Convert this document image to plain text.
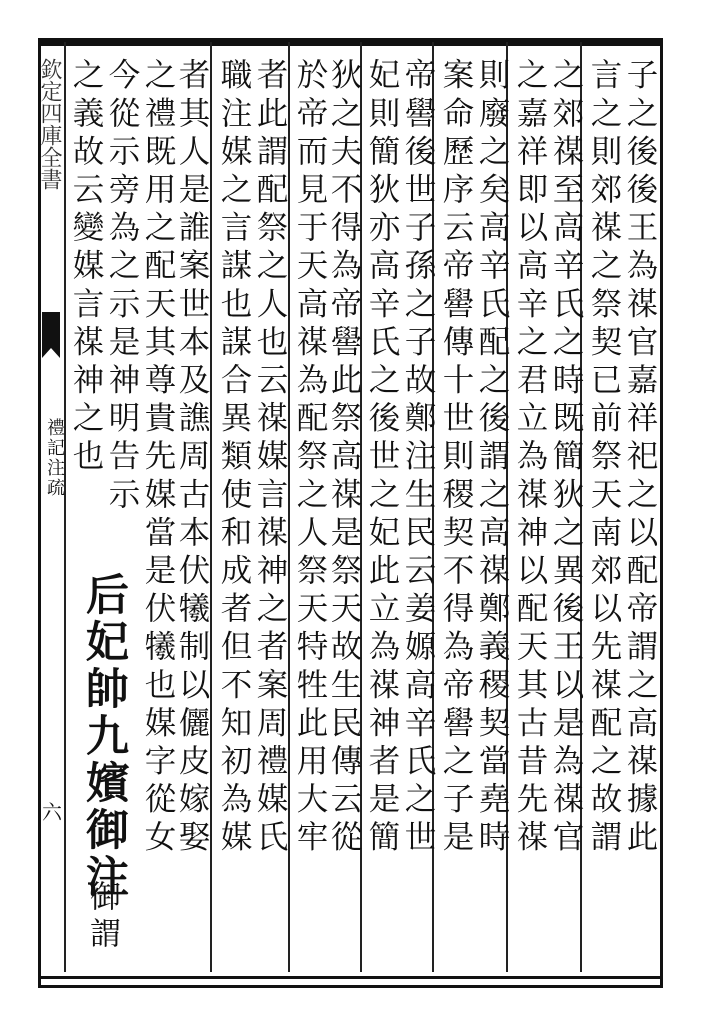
欽定四庫全書
禮記注疏
六	子之後後王為禖官嘉祥祀之以配帝謂之高禖據此
言之則郊禖之祭契已前祭天南郊以先禖配之故謂
之郊禖至高辛氏之時既簡狄之異後王以是為禖官
之嘉祥即以高辛之君立為禖神以配天其古昔先禖
則廢之矣高辛氏配之後謂之高禖鄭義稷契當堯時
案命歷序云帝嚳傳十世則稷契不得為帝嚳之子是
帝嚳後世子孫之子故鄭注生民云姜嫄高辛氏之世
妃則簡狄亦高辛氏之後世之妃此立為禖神者是簡
狄之夫不得為帝嚳此祭高禖是祭天故生民傳云從
於帝而見于天高禖為配祭之人祭天特牲此用大牢
者此謂配祭之人也云禖媒言禖神之者案周禮媒氏
職注媒之言謀也謀合異類使和成者但不知初為媒
者其人是誰案世本及譙周古本伏犧制以儷皮嫁娶
之禮既用之配天其尊貴先媒當是伏犧也媒字從女
今從示旁為之示是神明告示
之義故云變媒言禖神之也
后妃帥九嬪御注
御謂
